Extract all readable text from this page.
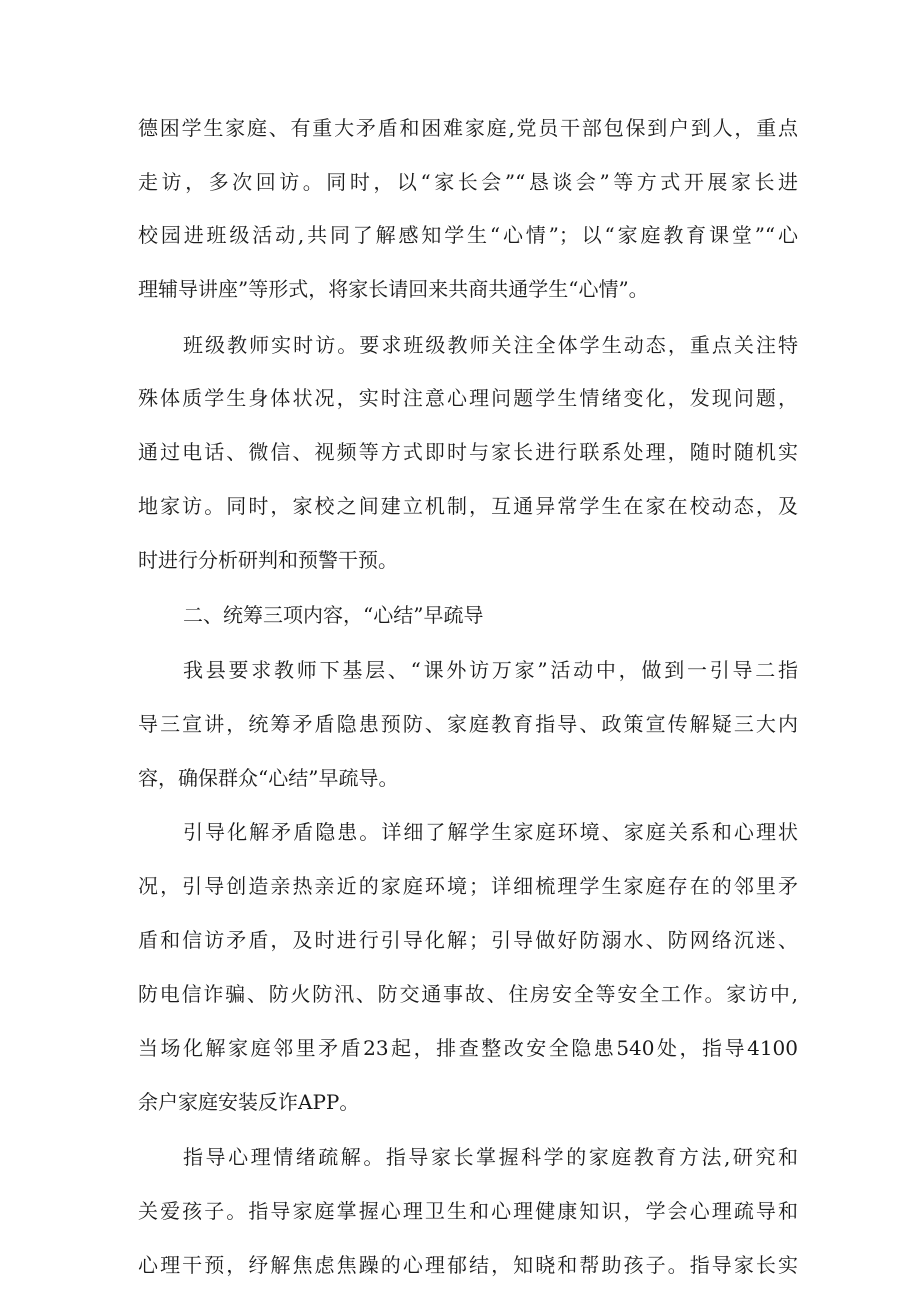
德困学生家庭、有重大矛盾和困难家庭,党员干部包保到户到人，重点
走访，多次回访。同时，以“家长会”“恳谈会”等方式开展家长进
校园进班级活动,共同了解感知学生“心情”；以“家庭教育课堂”“心
理辅导讲座”等形式，将家长请回来共商共通学生“心情”。
班级教师实时访。要求班级教师关注全体学生动态，重点关注特
殊体质学生身体状况，实时注意心理问题学生情绪变化，发现问题，
通过电话、微信、视频等方式即时与家长进行联系处理，随时随机实
地家访。同时，家校之间建立机制，互通异常学生在家在校动态，及
时进行分析研判和预警干预。
二、统筹三项内容，“心结”早疏导
我县要求教师下基层、“课外访万家”活动中，做到一引导二指
导三宣讲，统筹矛盾隐患预防、家庭教育指导、政策宣传解疑三大内
容，确保群众“心结”早疏导。
引导化解矛盾隐患。详细了解学生家庭环境、家庭关系和心理状
况，引导创造亲热亲近的家庭环境；详细梳理学生家庭存在的邻里矛
盾和信访矛盾，及时进行引导化解；引导做好防溺水、防网络沉迷、
防电信诈骗、防火防汛、防交通事故、住房安全等安全工作。家访中,
当场化解家庭邻里矛盾23起，排查整改安全隐患540处，指导4100
余户家庭安装反诈APP。
指导心理情绪疏解。指导家长掌握科学的家庭教育方法,研究和
关爱孩子。指导家庭掌握心理卫生和心理健康知识，学会心理疏导和
心理干预，纾解焦虑焦躁的心理郁结，知晓和帮助孩子。指导家长实
